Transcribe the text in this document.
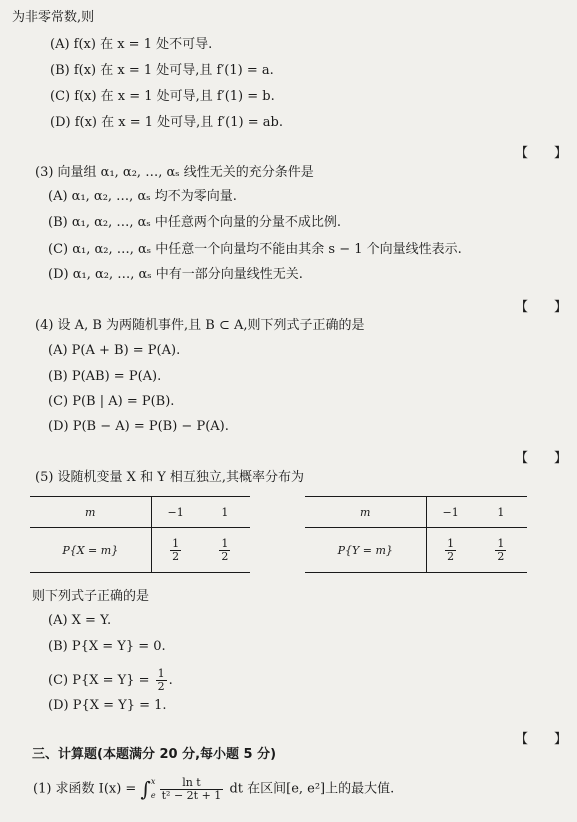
为非零常数,则
(A) f(x) 在 x = 1 处不可导.
(B) f(x) 在 x = 1 处可导,且 f′(1) = a.
(C) f(x) 在 x = 1 处可导,且 f′(1) = b.
(D) f(x) 在 x = 1 处可导,且 f′(1) = ab.
【　　】
(3) 向量组 α₁, α₂, …, αₛ 线性无关的充分条件是
(A) α₁, α₂, …, αₛ 均不为零向量.
(B) α₁, α₂, …, αₛ 中任意两个向量的分量不成比例.
(C) α₁, α₂, …, αₛ 中任意一个向量均不能由其余 s − 1 个向量线性表示.
(D) α₁, α₂, …, αₛ 中有一部分向量线性无关.
【　　】
(4) 设 A, B 为两随机事件,且 B ⊂ A,则下列式子正确的是
(A) P(A + B) = P(A).
(B) P(AB) = P(A).
(C) P(B | A) = P(B).
(D) P(B − A) = P(B) − P(A).
【　　】
(5) 设随机变量 X 和 Y 相互独立,其概率分布为
m	−1	1
P{X = m}	$\frac{1}{2}$	$\frac{1}{2}$
m	−1	1
P{Y = m}	$\frac{1}{2}$	$\frac{1}{2}$
则下列式子正确的是
(A) X = Y.
(B) P{X = Y} = 0.
(C) $P\{X = Y\} = \frac{1}{2}$ .
(D) P{X = Y} = 1.
【　　】
三、计算题(本题满分 20 分,每小题 5 分)
(1) 求函数 I(x) = ∫ x
e $\frac{\text{ln t}}{\text{t² − 2t + 1}}$ dt 在区间[e, e²]上的最大值.
